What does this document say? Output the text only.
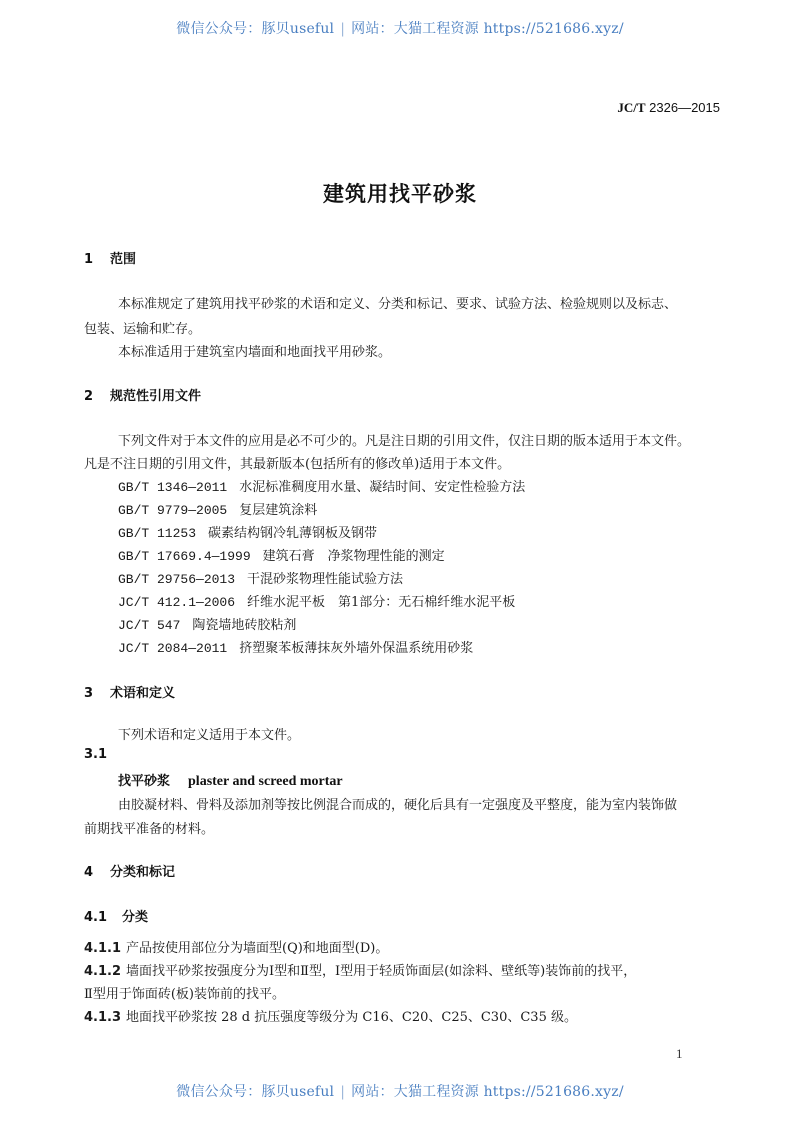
微信公众号：豚贝useful | 网站：大猫工程资源 https://521686.xyz/
JC/T 2326—2015
建筑用找平砂浆
1 范围
本标准规定了建筑用找平砂浆的术语和定义、分类和标记、要求、试验方法、检验规则以及标志、
包装、运输和贮存。
本标准适用于建筑室内墙面和地面找平用砂浆。
2 规范性引用文件
下列文件对于本文件的应用是必不可少的。凡是注日期的引用文件，仅注日期的版本适用于本文件。
凡是不注日期的引用文件，其最新版本(包括所有的修改单)适用于本文件。
GB/T 1346—2011 水泥标准稠度用水量、凝结时间、安定性检验方法
GB/T 9779—2005 复层建筑涂料
GB/T 11253 碳素结构钢冷轧薄钢板及钢带
GB/T 17669.4—1999 建筑石膏　净浆物理性能的测定
GB/T 29756—2013 干混砂浆物理性能试验方法
JC/T 412.1—2006 纤维水泥平板　第1部分：无石棉纤维水泥平板
JC/T 547 陶瓷墙地砖胶粘剂
JC/T 2084—2011 挤塑聚苯板薄抹灰外墙外保温系统用砂浆
3 术语和定义
下列术语和定义适用于本文件。
3.1
找平砂浆 plaster and screed mortar
由胶凝材料、骨料及添加剂等按比例混合而成的，硬化后具有一定强度及平整度，能为室内装饰做
前期找平准备的材料。
4 分类和标记
4.1 分类
4.1.1 产品按使用部位分为墙面型(Q)和地面型(D)。
4.1.2 墙面找平砂浆按强度分为Ⅰ型和Ⅱ型，Ⅰ型用于轻质饰面层(如涂料、壁纸等)装饰前的找平，
Ⅱ型用于饰面砖(板)装饰前的找平。
4.1.3 地面找平砂浆按 28 d 抗压强度等级分为 C16、C20、C25、C30、C35 级。
1
微信公众号：豚贝useful | 网站：大猫工程资源 https://521686.xyz/
